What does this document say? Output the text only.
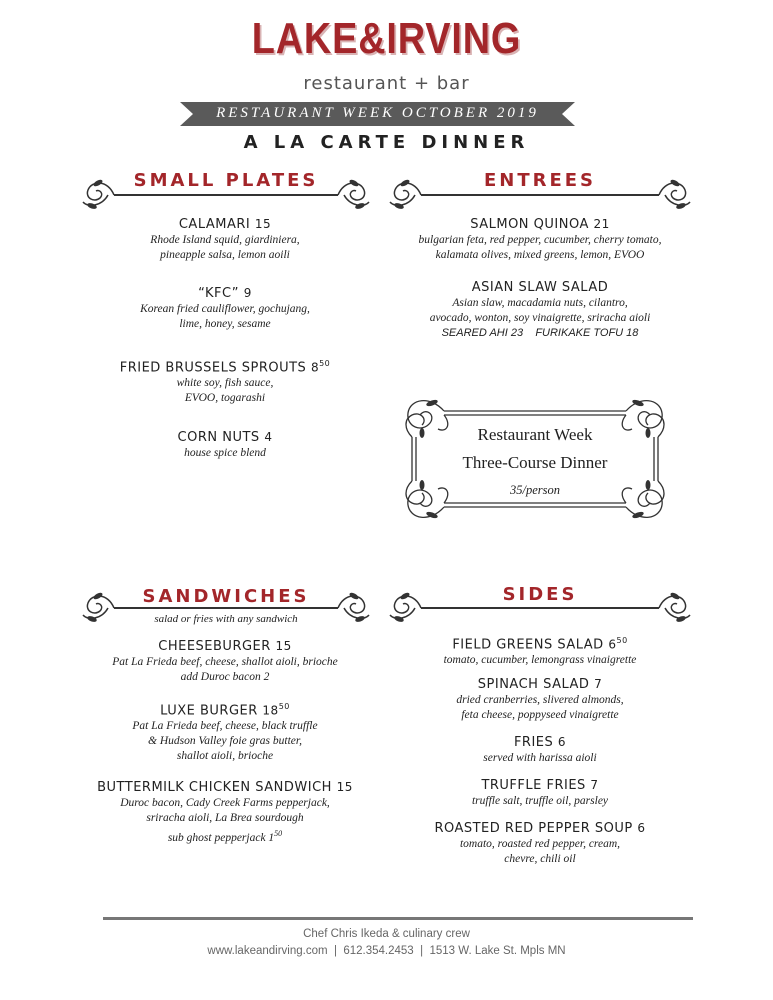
LAKE&IRVING
restaurant + bar
RESTAURANT WEEK OCTOBER 2019
A LA CARTE DINNER
SMALL PLATES	ENTREES
CALAMARI 15
Rhode Island squid, giardiniera,
pineapple salsa, lemon aoili
“KFC” 9
Korean fried cauliflower, gochujang,
lime, honey, sesame
FRIED BRUSSELS SPROUTS $8^{50}$
white soy, fish sauce,
EVOO, togarashi
CORN NUTS 4
house spice blend
SALMON QUINOA 21
bulgarian feta, red pepper, cucumber, cherry tomato,
kalamata olives, mixed greens, lemon, EVOO
ASIAN SLAW SALAD
Asian slaw, macadamia nuts, cilantro,
avocado, wonton, soy vinaigrette, sriracha aioli
SEARED AHI 23    FURIKAKE TOFU 18
Restaurant Week
Three-Course Dinner
35/person
SANDWICHES
salad or fries with any sandwich
SIDES
CHEESEBURGER 15
Pat La Frieda beef, cheese, shallot aioli, brioche
add Duroc bacon 2
LUXE BURGER $18^{50}$
Pat La Frieda beef, cheese, black truffle
& Hudson Valley foie gras butter,
shallot aioli, brioche
BUTTERMILK CHICKEN SANDWICH 15
Duroc bacon, Cady Creek Farms pepperjack,
sriracha aioli, La Brea sourdough
sub ghost pepperjack $1^{50}$
FIELD GREENS SALAD $6^{50}$
tomato, cucumber, lemongrass vinaigrette
SPINACH SALAD 7
dried cranberries, slivered almonds,
feta cheese, poppyseed vinaigrette
FRIES 6
served with harissa aioli
TRUFFLE FRIES 7
truffle salt, truffle oil, parsley
ROASTED RED PEPPER SOUP 6
tomato, roasted red pepper, cream,
chevre, chili oil
Chef Chris Ikeda & culinary crew
www.lakeandirving.com  |  612.354.2453  |  1513 W. Lake St. Mpls MN
